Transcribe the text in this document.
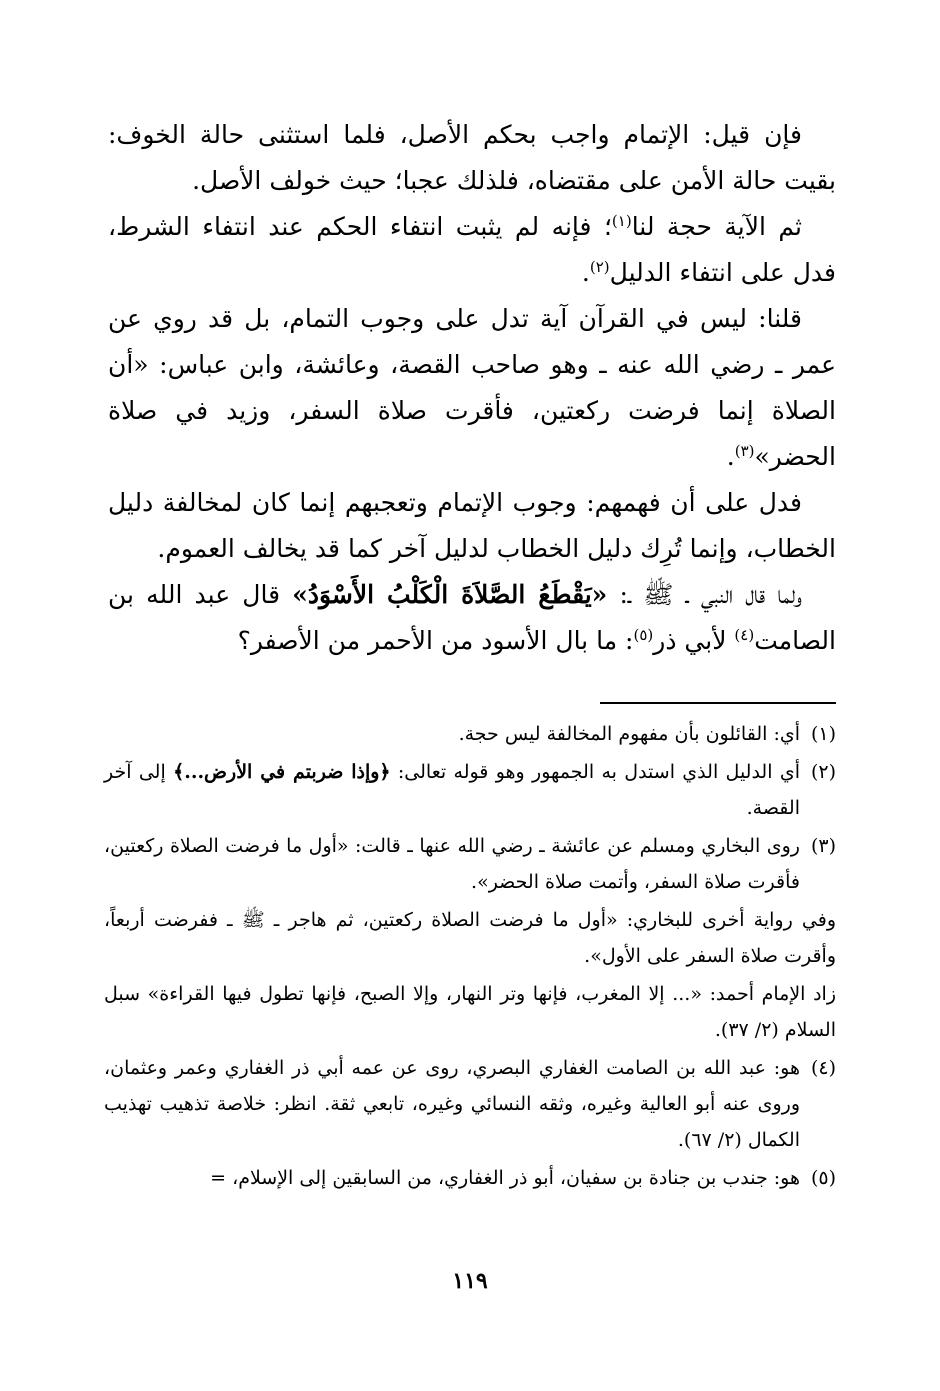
فإن قيل: الإتمام واجب بحكم الأصل، فلما استثنى حالة الخوف: بقيت حالة الأمن على مقتضاه، فلذلك عجبا؛ حيث خولف الأصل.

ثم الآية حجة لنا$^{(١)}$؛ فإنه لم يثبت انتفاء الحكم عند انتفاء الشرط، فدل على انتفاء الدليل$^{(٢)}$.

قلنا: ليس في القرآن آية تدل على وجوب التمام، بل قد روي عن عمر ـ رضي الله عنه ـ وهو صاحب القصة، وعائشة، وابن عباس: «أن الصلاة إنما فرضت ركعتين، فأقرت صلاة السفر، وزيد في صلاة الحضر»$^{(٣)}$.

فدل على أن فهمهم: وجوب الإتمام وتعجبهم إنما كان لمخالفة دليل الخطاب، وإنما تُرِك دليل الخطاب لدليل آخر كما قد يخالف العموم.

ولما قال النبي ـ ﷺ ـ: «يَقْطَعُ الصَّلاَةَ الْكَلْبُ الأَسْوَدُ» قال عبد الله بن الصامت$^{(٤)}$ لأبي ذر$^{(٥)}$: ما بال الأسود من الأحمر من الأصفر؟

(١)أي: القائلون بأن مفهوم المخالفة ليس حجة.

(٢)أي الدليل الذي استدل به الجمهور وهو قوله تعالى: ﴿وإذا ضربتم في الأرض...﴾ إلى آخر القصة.

(٣)روى البخاري ومسلم عن عائشة ـ رضي الله عنها ـ قالت: «أول ما فرضت الصلاة ركعتين، فأقرت صلاة السفر، وأتمت صلاة الحضر».

وفي رواية أخرى للبخاري: «أول ما فرضت الصلاة ركعتين، ثم هاجر ـ ﷺ ـ ففرضت أربعاً، وأقرت صلاة السفر على الأول».

زاد الإمام أحمد: «... إلا المغرب، فإنها وتر النهار، وإلا الصبح، فإنها تطول فيها القراءة» سبل السلام (٢/ ٣٧).

(٤)هو: عبد الله بن الصامت الغفاري البصري، روى عن عمه أبي ذر الغفاري وعمر وعثمان، وروى عنه أبو العالية وغيره، وثقه النسائي وغيره، تابعي ثقة. انظر: خلاصة تذهيب تهذيب الكمال (٢/ ٦٧).

(٥)هو: جندب بن جنادة بن سفيان، أبو ذر الغفاري، من السابقين إلى الإسلام، =

١١٩
